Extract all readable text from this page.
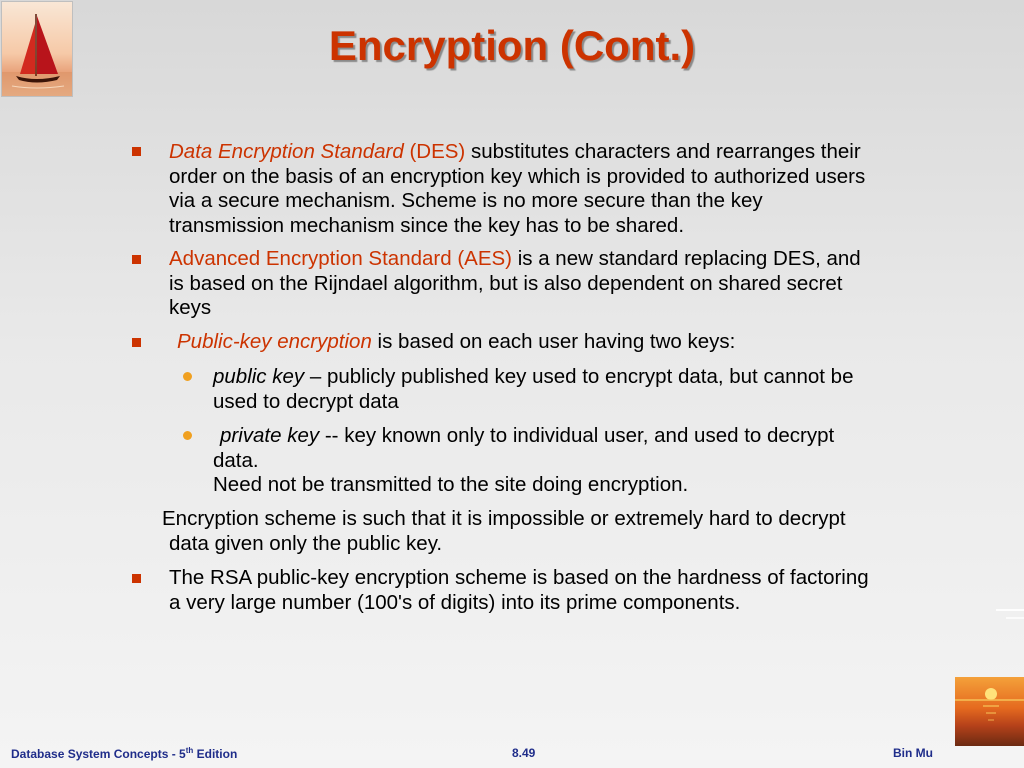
Encryption (Cont.)
Data Encryption Standard (DES) substitutes characters and rearranges their
order on the basis of an encryption key which is provided to authorized users
via a secure mechanism. Scheme is no more secure than the key
transmission mechanism since the key has to be shared.
Advanced Encryption Standard (AES) is a new standard replacing DES, and
is based on the Rijndael algorithm, but is also dependent on shared secret
keys
Public-key encryption is based on each user having two keys:
public key – publicly published key used to encrypt data, but cannot be
used to decrypt data
private key -- key known only to individual user, and used to decrypt
data.
Need not be transmitted to the site doing encryption.
Encryption scheme is such that it is impossible or extremely hard to decrypt
data given only the public key.
The RSA public-key encryption scheme is based on the hardness of factoring
a very large number (100's of digits) into its prime components.
Database System Concepts - 5th Edition	8.49	Bin Mu
